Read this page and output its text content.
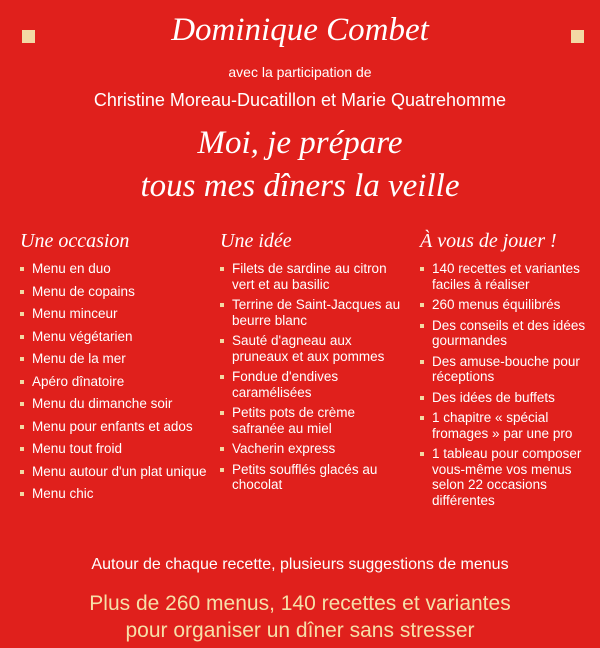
Dominique Combet
avec la participation de
Christine Moreau-Ducatillon et Marie Quatrehomme
Moi, je prépare
tous mes dîners la veille
Une occasion
Menu en duo
Menu de copains
Menu minceur
Menu végétarien
Menu de la mer
Apéro dînatoire
Menu du dimanche soir
Menu pour enfants et ados
Menu tout froid
Menu autour d'un plat unique
Menu chic
Une idée
Filets de sardine au citron vert et au basilic
Terrine de Saint-Jacques au beurre blanc
Sauté d'agneau aux pruneaux et aux pommes
Fondue d'endives caramélisées
Petits pots de crème safranée au miel
Vacherin express
Petits soufflés glacés au chocolat
À vous de jouer !
140 recettes et variantes faciles à réaliser
260 menus équilibrés
Des conseils et des idées gourmandes
Des amuse-bouche pour réceptions
Des idées de buffets
1 chapitre « spécial fromages » par une pro
1 tableau pour composer vous-même vos menus selon 22 occasions différentes
Autour de chaque recette, plusieurs suggestions de menus
Plus de 260 menus, 140 recettes et variantes
pour organiser un dîner sans stresser
